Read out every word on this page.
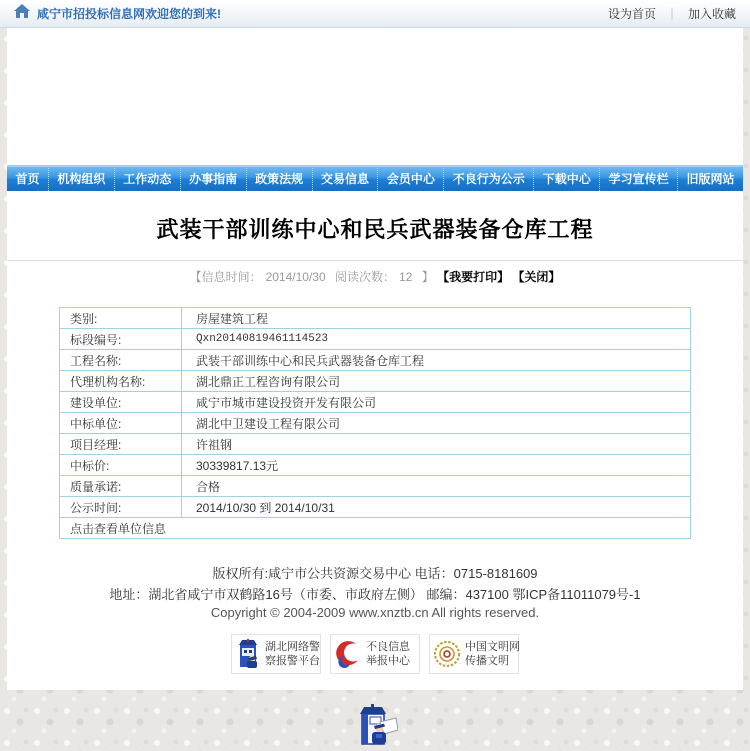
咸宁市招投标信息网欢迎您的到来!	设为首页 ｜ 加入收藏
首页	机构组织	工作动态	办事指南	政策法规	交易信息	会员中心	不良行为公示	下载中心	学习宣传栏	旧版网站
武装干部训练中心和民兵武器装备仓库工程
【信息时间： 2014/10/30 阅读次数： 12 】 【我要打印】 【关闭】
类别:	房屋建筑工程
标段编号:	Qxn20140819461114523
工程名称:	武装干部训练中心和民兵武器装备仓库工程
代理机构名称:	湖北鼎正工程咨询有限公司
建设单位:	咸宁市城市建设投资开发有限公司
中标单位:	湖北中卫建设工程有限公司
项目经理:	许祖钢
中标价:	30339817.13元
质量承诺:	合格
公示时间:	2014/10/30 到 2014/10/31
点击查看单位信息	

版权所有:咸宁市公共资源交易中心 电话：0715-8181609

地址：湖北省咸宁市双鹤路16号（市委、市政府左侧） 邮编：437100 鄂ICP备11011079号-1

Copyright © 2004-2009 www.xnztb.cn All rights reserved.

湖北网络警
察报警平台
不良信息
举报中心
中国文明网
传播文明
